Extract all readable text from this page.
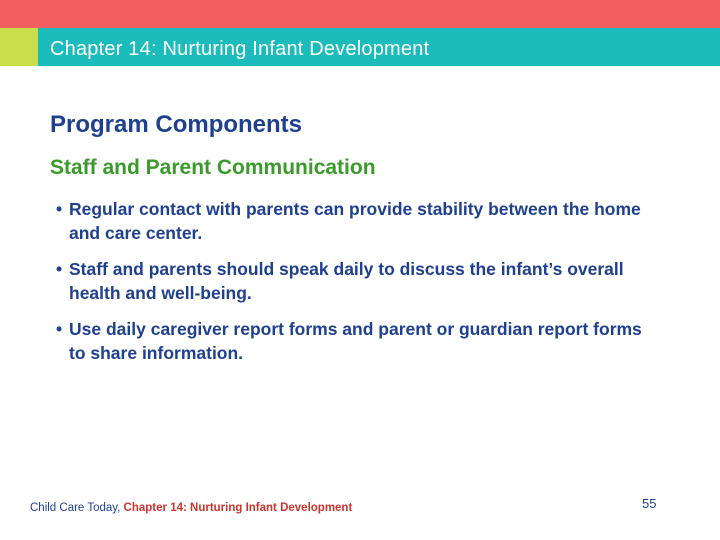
Chapter 14: Nurturing Infant Development
Program Components
Staff and Parent Communication
• Regular contact with parents can provide stability between the home and care center.
• Staff and parents should speak daily to discuss the infant’s overall health and well-being.
• Use daily caregiver report forms and parent or guardian report forms to share information.
Child Care Today, Chapter 14: Nurturing Infant Development	55
